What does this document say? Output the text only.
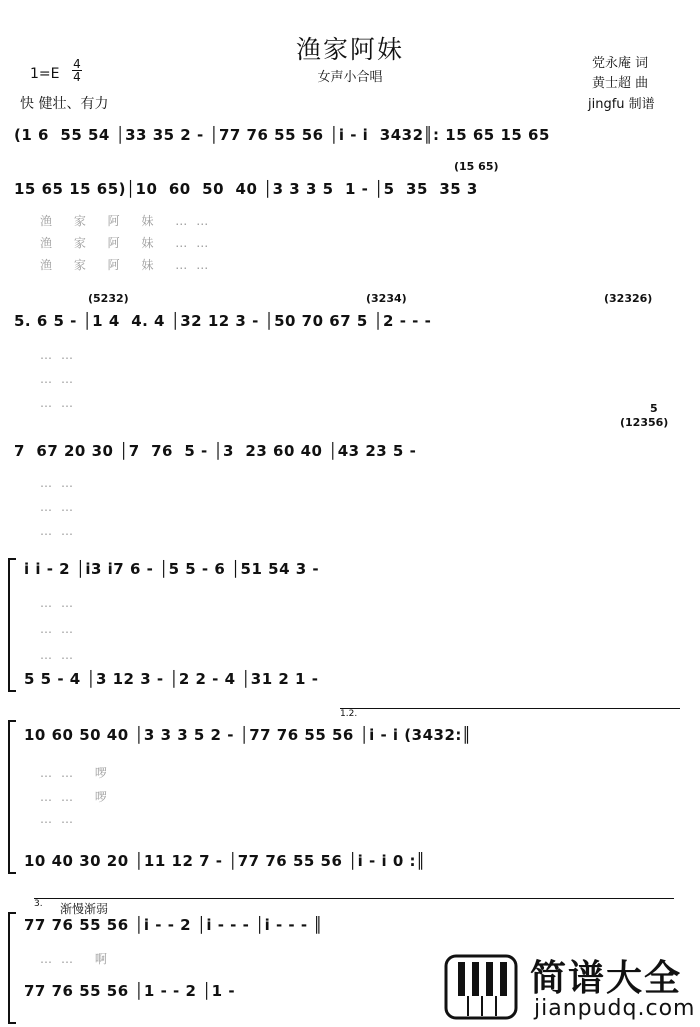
渔家阿妹
女声小合唱
1=E
4
4
快 健壮、有力
党永庵 词
黄士超 曲
jingfu 制谱
(1 6  55 54 │33 35 2 - │77 76 55 56 │i - i  3432║: 15 65 15 65
(15 65)
15 65 15 65)│10  60  50  40 │3 3 3 5  1 - │5  35  35 3
渔 家 阿 妹 ……
渔 家 阿 妹 ……
渔 家 阿 妹 ……
(5232)	(3234)	(32326)
5. 6 5 - │1 4  4. 4 │32 12 3 - │50 70 67 5 │2 - - -
……
……
……	5
(12356)
7  67 20 30 │7  76  5 - │3  23 60 40 │43 23 5 -
……
……
……
i i - 2 │i3 i7 6 - │5 5 - 6 │51 54 3 -
……
……
……
5 5 - 4 │3 12 3 - │2 2 - 4 │31 2 1 -
1.2.
10 60 50 40 │3 3 3 5 2 - │77 76 55 56 │i - i (3432:║
…… 啰
…… 啰
……
10 40 30 20 │11 12 7 - │77 76 55 56 │i - i 0 :║
3.	渐慢渐弱
77 76 55 56 │i - - 2 │i - - - │i - - - ║
…… 啊
77 76 55 56 │1 - - 2 │1 -	简谱大全
jianpudq.com
